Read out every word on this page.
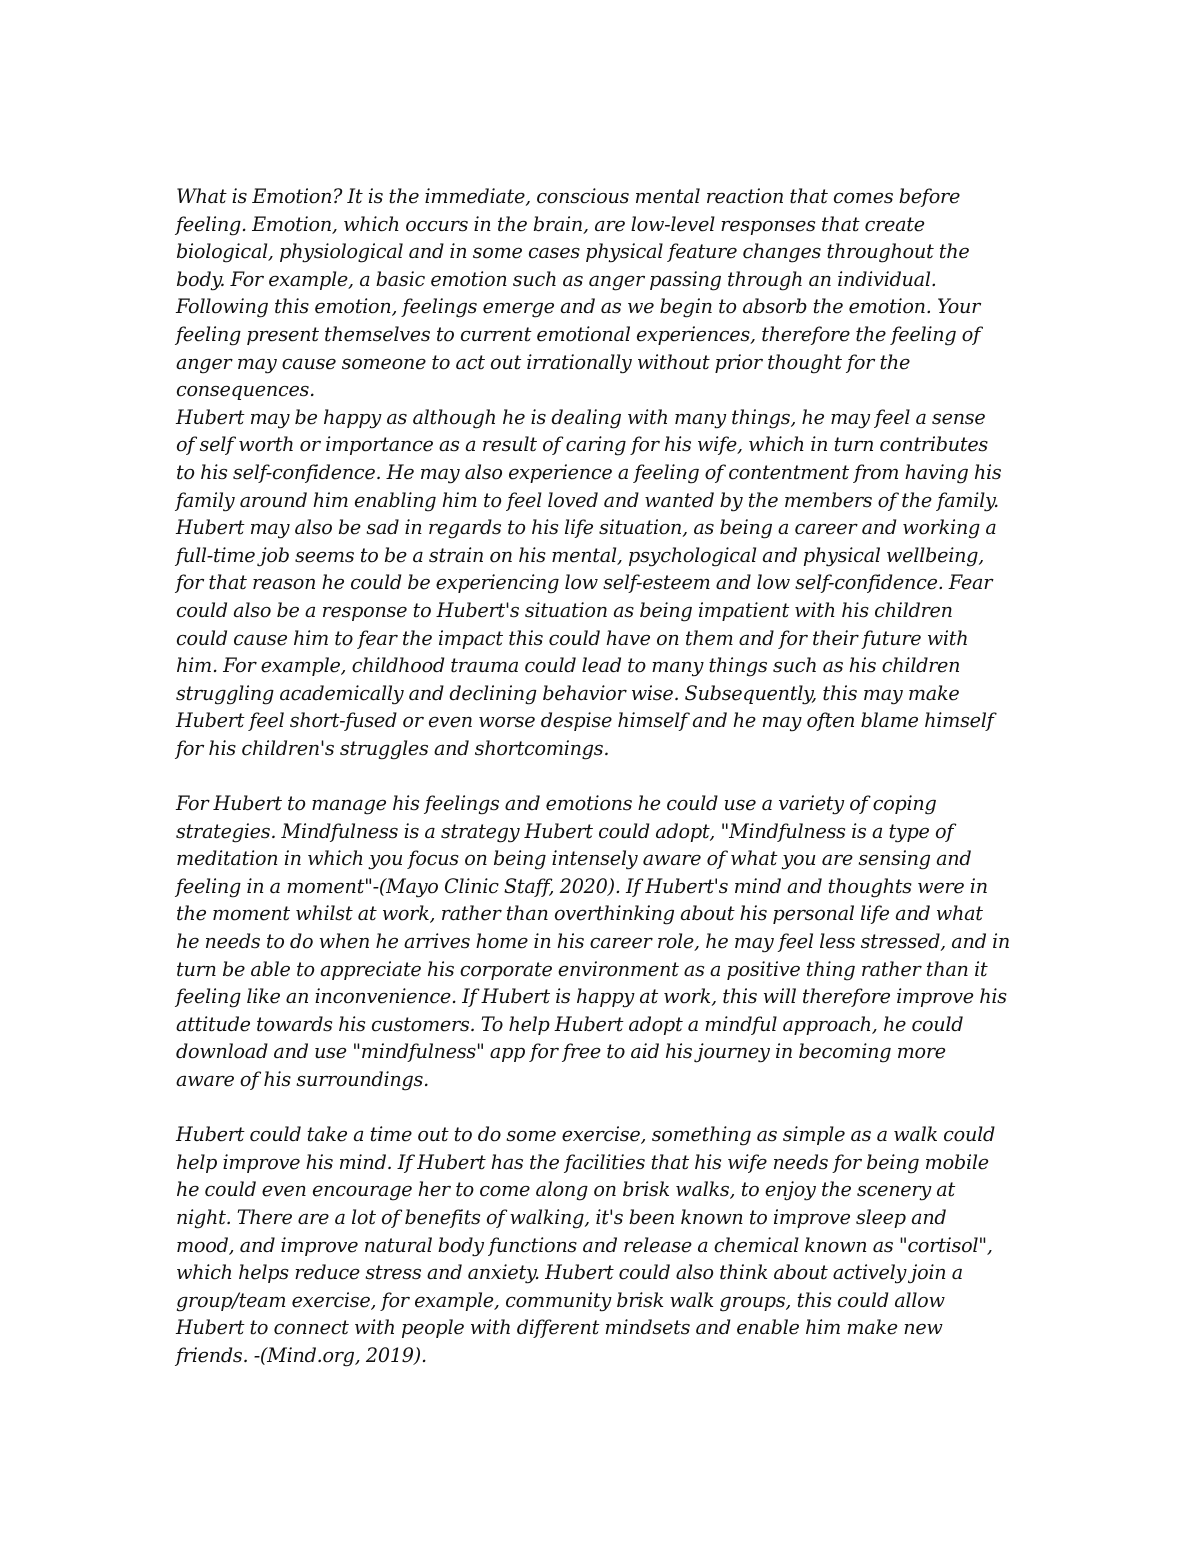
What is Emotion? It is the immediate, conscious mental reaction that comes before
feeling. Emotion, which occurs in the brain, are low-level responses that create
biological, physiological and in some cases physical feature changes throughout the
body. For example, a basic emotion such as anger passing through an individual.
Following this emotion, feelings emerge and as we begin to absorb the emotion. Your
feeling present themselves to current emotional experiences, therefore the feeling of
anger may cause someone to act out irrationally without prior thought for the
consequences.

Hubert may be happy as although he is dealing with many things, he may feel a sense
of self worth or importance as a result of caring for his wife, which in turn contributes
to his self-confidence. He may also experience a feeling of contentment from having his
family around him enabling him to feel loved and wanted by the members of the family.
Hubert may also be sad in regards to his life situation, as being a career and working a
full-time job seems to be a strain on his mental, psychological and physical wellbeing,
for that reason he could be experiencing low self-esteem and low self-confidence. Fear
could also be a response to Hubert's situation as being impatient with his children
could cause him to fear the impact this could have on them and for their future with
him. For example, childhood trauma could lead to many things such as his children
struggling academically and declining behavior wise. Subsequently, this may make
Hubert feel short-fused or even worse despise himself and he may often blame himself
for his children's struggles and shortcomings.

For Hubert to manage his feelings and emotions he could use a variety of coping
strategies. Mindfulness is a strategy Hubert could adopt, "Mindfulness is a type of
meditation in which you focus on being intensely aware of what you are sensing and
feeling in a moment"-(Mayo Clinic Staff, 2020). If Hubert's mind and thoughts were in
the moment whilst at work, rather than overthinking about his personal life and what
he needs to do when he arrives home in his career role, he may feel less stressed, and in
turn be able to appreciate his corporate environment as a positive thing rather than it
feeling like an inconvenience. If Hubert is happy at work, this will therefore improve his
attitude towards his customers. To help Hubert adopt a mindful approach, he could
download and use "mindfulness" app for free to aid his journey in becoming more
aware of his surroundings.

Hubert could take a time out to do some exercise, something as simple as a walk could
help improve his mind. If Hubert has the facilities that his wife needs for being mobile
he could even encourage her to come along on brisk walks, to enjoy the scenery at
night. There are a lot of benefits of walking, it's been known to improve sleep and
mood, and improve natural body functions and release a chemical known as "cortisol",
which helps reduce stress and anxiety. Hubert could also think about actively join a
group/team exercise, for example, community brisk walk groups, this could allow
Hubert to connect with people with different mindsets and enable him make new
friends. -(Mind.org, 2019).
